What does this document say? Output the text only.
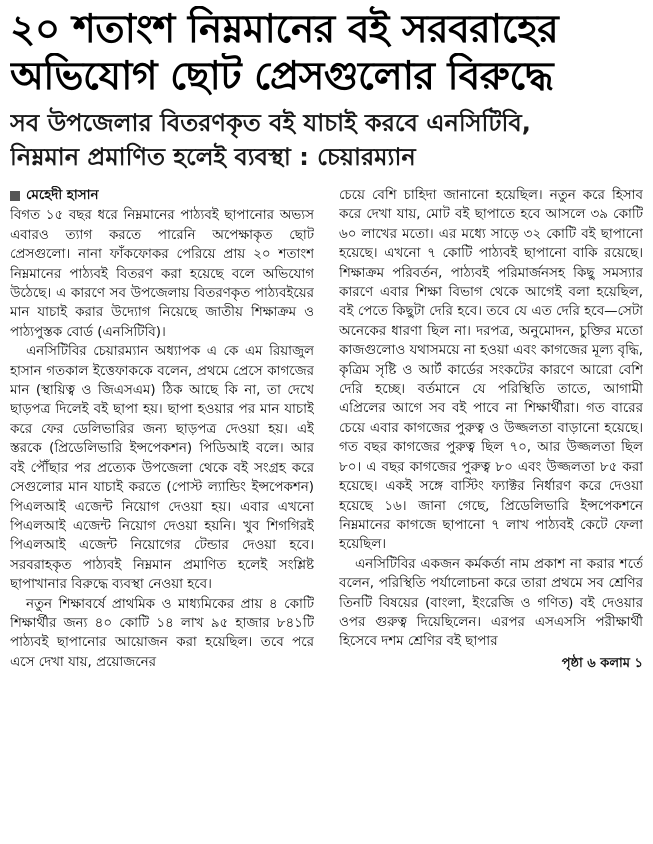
২০ শতাংশ নিম্নমানের বই সরবরাহের
অভিযোগ ছোট প্রেসগুলোর বিরুদ্ধে
সব উপজেলার বিতরণকৃত বই যাচাই করবে এনসিটিবি,
নিম্নমান প্রমাণিত হলেই ব্যবস্থা : চেয়ারম্যান
মেহেদী হাসান

বিগত ১৫ বছর ধরে নিম্নমানের পাঠ্যবই ছাপানোর অভ্যস এবারও ত্যাগ করতে পারেনি অপেক্ষাকৃত ছোট প্রেসগুলো। নানা ফাঁকফোকর পেরিয়ে প্রায় ২০ শতাংশ নিম্নমানের পাঠ্যবই বিতরণ করা হয়েছে বলে অভিযোগ উঠেছে। এ কারণে সব উপজেলায় বিতরণকৃত পাঠ্যবইয়ের মান যাচাই করার উদ্যোগ নিয়েছে জাতীয় শিক্ষাক্রম ও পাঠ্যপুস্তক বোর্ড (এনসিটিবি)।

এনসিটিবির চেয়ারম্যান অধ্যাপক এ কে এম রিয়াজুল হাসান গতকাল ইত্তেফাককে বলেন, প্রথমে প্রেসে কাগজের মান (স্থায়িত্ব ও জিএসএম) ঠিক আছে কি না, তা দেখে ছাড়পত্র দিলেই বই ছাপা হয়। ছাপা হওয়ার পর মান যাচাই করে ফের ডেলিভারির জন্য ছাড়পত্র দেওয়া হয়। এই স্তরকে (প্রিডেলিভারি ইন্সপেকশন) পিডিআই বলে। আর বই পৌঁছার পর প্রত্যেক উপজেলা থেকে বই সংগ্রহ করে সেগুলোর মান যাচাই করতে (পোস্ট ল্যান্ডিং ইন্সপেকশন) পিএলআই এজেন্ট নিয়োগ দেওয়া হয়। এবার এখনো পিএলআই এজেন্ট নিয়োগ দেওয়া হয়নি। খুব শিগগিরই পিএলআই এজেন্ট নিয়োগের টেন্ডার দেওয়া হবে। সরবরাহকৃত পাঠ্যবই নিম্নমান প্রমাণিত হলেই সংশ্লিষ্ট ছাপাখানার বিরুদ্ধে ব্যবস্থা নেওয়া হবে।

নতুন শিক্ষাবর্ষে প্রাথমিক ও মাধ্যমিকের প্রায় ৪ কোটি শিক্ষার্থীর জন্য ৪০ কোটি ১৪ লাখ ৯৫ হাজার ৮৪১টি পাঠ্যবই ছাপানোর আয়োজন করা হয়েছিল। তবে পরে এসে দেখা যায়, প্রয়োজনের

চেয়ে বেশি চাহিদা জানানো হয়েছিল। নতুন করে হিসাব করে দেখা যায়, মোট বই ছাপাতে হবে আসলে ৩৯ কোটি ৬০ লাখের মতো। এর মধ্যে সাড়ে ৩২ কোটি বই ছাপানো হয়েছে। এখনো ৭ কোটি পাঠ্যবই ছাপানো বাকি রয়েছে। শিক্ষাক্রম পরিবর্তন, পাঠ্যবই পরিমার্জনসহ কিছু সমস্যার কারণে এবার শিক্ষা বিভাগ থেকে আগেই বলা হয়েছিল, বই পেতে কিছুটা দেরি হবে। তবে যে এত দেরি হবে—সেটা অনেকের ধারণা ছিল না। দরপত্র, অনুমোদন, চুক্তির মতো কাজগুলোও যথাসময়ে না হওয়া এবং কাগজের মূল্য বৃদ্ধি, কৃত্রিম সৃষ্টি ও আর্ট কার্ডের সংকটের কারণে আরো বেশি দেরি হচ্ছে। বর্তমানে যে পরিস্থিতি তাতে, আগামী এপ্রিলের আগে সব বই পাবে না শিক্ষার্থীরা। গত বারের চেয়ে এবার কাগজের পুরুত্ব ও উজ্জলতা বাড়ানো হয়েছে। গত বছর কাগজের পুরুত্ব ছিল ৭০, আর উজ্জলতা ছিল ৮০। এ বছর কাগজের পুরুত্ব ৮০ এবং উজ্জলতা ৮৫ করা হয়েছে। একই সঙ্গে বাস্টিং ফ্যাক্টর নির্ধারণ করে দেওয়া হয়েছে ১৬। জানা গেছে, প্রিডেলিভারি ইন্সপেকশনে নিম্নমানের কাগজে ছাপানো ৭ লাখ পাঠ্যবই কেটে ফেলা হয়েছিল।

এনসিটিবির একজন কর্মকর্তা নাম প্রকাশ না করার শর্তে বলেন, পরিস্থিতি পর্যালোচনা করে তারা প্রথমে সব শ্রেণির তিনটি বিষয়ের (বাংলা, ইংরেজি ও গণিত) বই দেওয়ার ওপর গুরুত্ব দিয়েছিলেন। এরপর এসএসসি পরীক্ষার্থী হিসেবে দশম শ্রেণির বই ছাপার

পৃষ্ঠা ৬ কলাম ১
